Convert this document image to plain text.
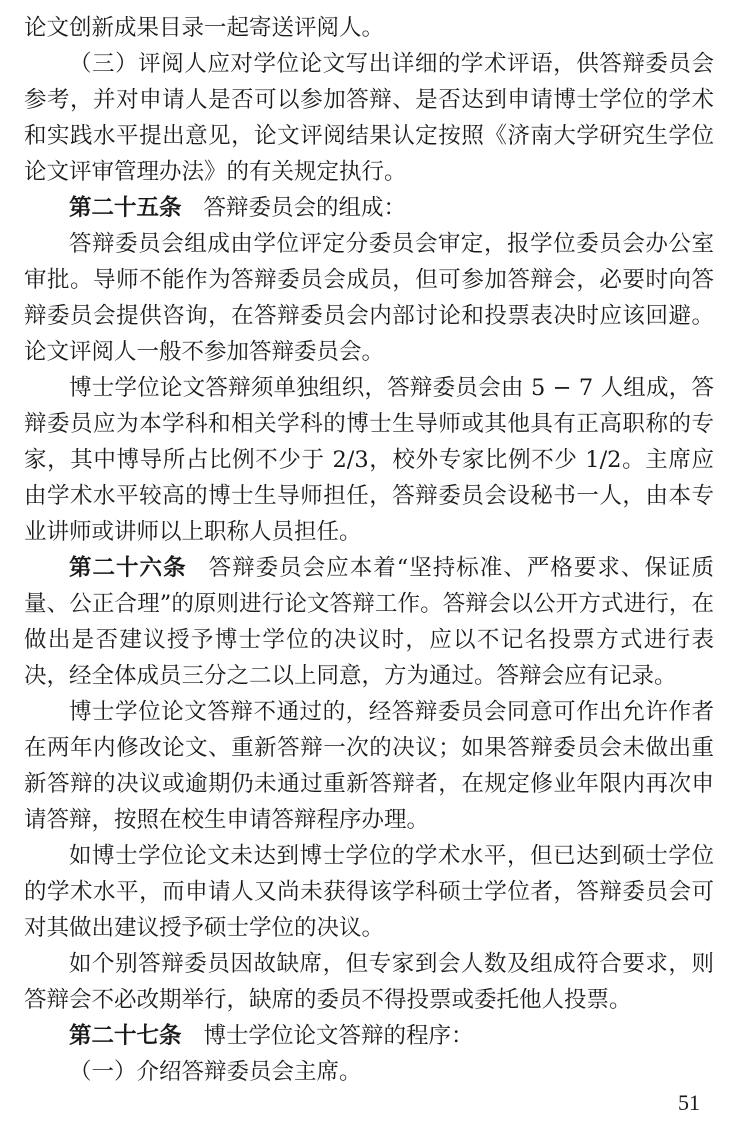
论文创新成果目录一起寄送评阅人。

（三）评阅人应对学位论文写出详细的学术评语，供答辩委员会参考，并对申请人是否可以参加答辩、是否达到申请博士学位的学术和实践水平提出意见，论文评阅结果认定按照《济南大学研究生学位论文评审管理办法》的有关规定执行。

第二十五条 答辩委员会的组成：

答辩委员会组成由学位评定分委员会审定，报学位委员会办公室审批。导师不能作为答辩委员会成员，但可参加答辩会，必要时向答辩委员会提供咨询，在答辩委员会内部讨论和投票表决时应该回避。论文评阅人一般不参加答辩委员会。

博士学位论文答辩须单独组织，答辩委员会由 5 − 7 人组成，答辩委员应为本学科和相关学科的博士生导师或其他具有正高职称的专家，其中博导所占比例不少于 2/3，校外专家比例不少 1/2。主席应由学术水平较高的博士生导师担任，答辩委员会设秘书一人，由本专业讲师或讲师以上职称人员担任。

第二十六条 答辩委员会应本着“坚持标准、严格要求、保证质量、公正合理”的原则进行论文答辩工作。答辩会以公开方式进行，在做出是否建议授予博士学位的决议时，应以不记名投票方式进行表决，经全体成员三分之二以上同意，方为通过。答辩会应有记录。

博士学位论文答辩不通过的，经答辩委员会同意可作出允许作者在两年内修改论文、重新答辩一次的决议；如果答辩委员会未做出重新答辩的决议或逾期仍未通过重新答辩者，在规定修业年限内再次申请答辩，按照在校生申请答辩程序办理。

如博士学位论文未达到博士学位的学术水平，但已达到硕士学位的学术水平，而申请人又尚未获得该学科硕士学位者，答辩委员会可对其做出建议授予硕士学位的决议。

如个别答辩委员因故缺席，但专家到会人数及组成符合要求，则答辩会不必改期举行，缺席的委员不得投票或委托他人投票。

第二十七条 博士学位论文答辩的程序：

（一）介绍答辩委员会主席。

51
